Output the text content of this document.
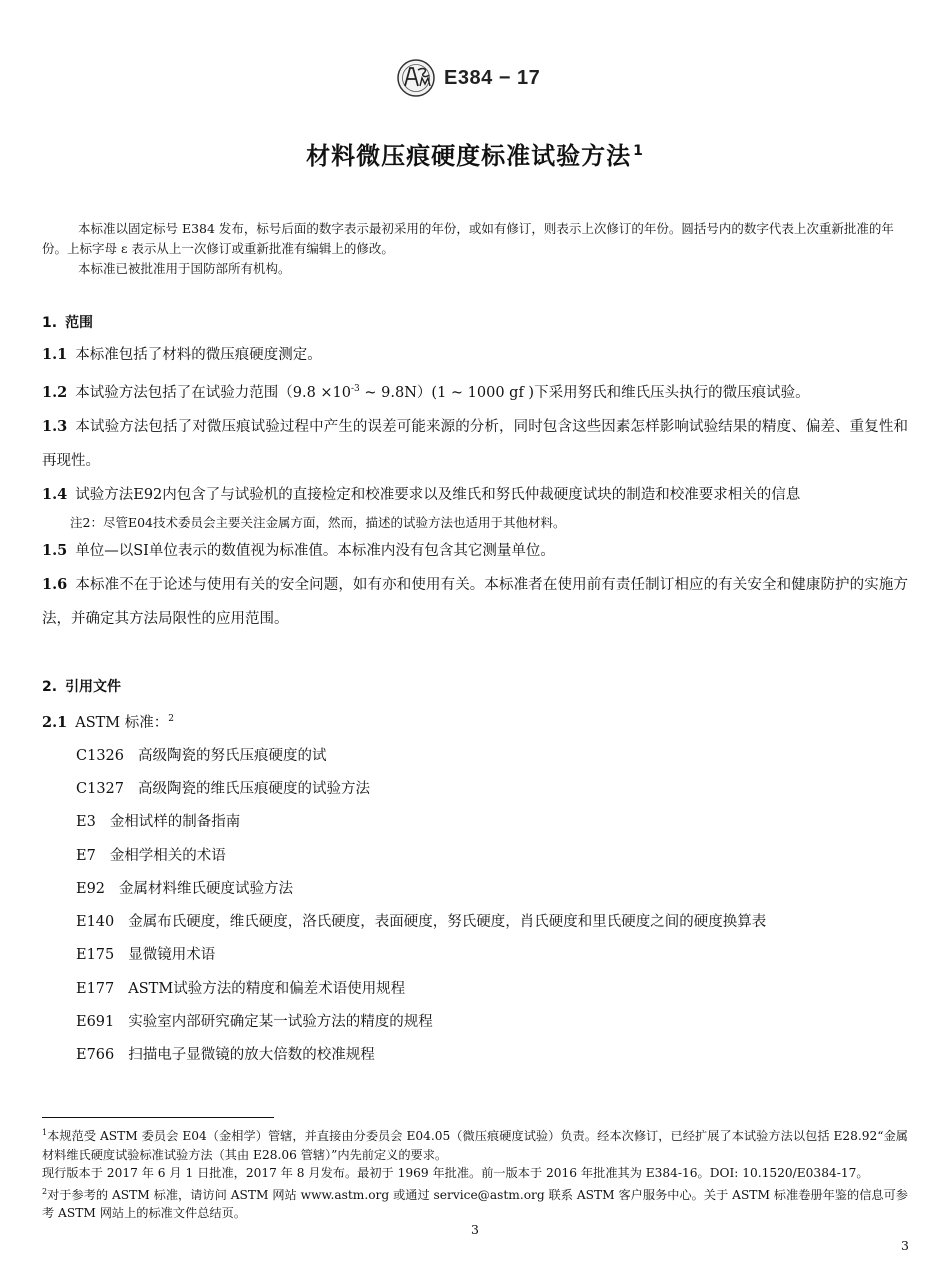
E384 − 17
材料微压痕硬度标准试验方法 $^1$

本标准以固定标号 E384 发布，标号后面的数字表示最初采用的年份，或如有修订，则表示上次修订的年份。圆括号内的数字代表上次重新批准的年份。上标字母 ε 表示从上一次修订或重新批准有编辑上的修改。

本标准已被批准用于国防部所有机构。

1. 范围

1.1 本标准包括了材料的微压痕硬度测定。

1.2 本试验方法包括了在试验力范围（$9.8 \times 10^{-3}$ ~ 9.8N）(1 ~ 1000 gf )下采用努氏和维氏压头执行的微压痕试验。

1.3 本试验方法包括了对微压痕试验过程中产生的误差可能来源的分析，同时包含这些因素怎样影响试验结果的精度、偏差、重复性和再现性。

1.4 试验方法E92内包含了与试验机的直接检定和校准要求以及维氏和努氏仲裁硬度试块的制造和校准要求相关的信息

注2：尽管E04技术委员会主要关注金属方面，然而，描述的试验方法也适用于其他材料。

1.5 单位—以SI单位表示的数值视为标准值。本标准内没有包含其它测量单位。

1.6 本标准不在于论述与使用有关的安全问题，如有亦和使用有关。本标准者在使用前有责任制订相应的有关安全和健康防护的实施方法，并确定其方法局限性的应用范围。

2. 引用文件

2.1 ASTM 标准：$^2$

C1326 高级陶瓷的努氏压痕硬度的试
C1327 高级陶瓷的维氏压痕硬度的试验方法
E3 金相试样的制备指南
E7 金相学相关的术语
E92 金属材料维氏硬度试验方法
E140 金属布氏硬度，维氏硬度，洛氏硬度，表面硬度，努氏硬度，肖氏硬度和里氏硬度之间的硬度换算表
E175 显微镜用术语
E177 ASTM试验方法的精度和偏差术语使用规程
E691 实验室内部研究确定某一试验方法的精度的规程
E766 扫描电子显微镜的放大倍数的校准规程

$^1$本规范受 ASTM 委员会 E04（金相学）管辖，并直接由分委员会 E04.05（微压痕硬度试验）负责。经本次修订，已经扩展了本试验方法以包括 E28.92“金属材料维氏硬度试验标准试验方法（其由 E28.06 管辖）”内先前定义的要求。

现行版本于 2017 年 6 月 1 日批准，2017 年 8 月发布。最初于 1969 年批准。前一版本于 2016 年批准其为 E384-16。DOI: 10.1520/E0384-17。

$^2$对于参考的 ASTM 标准，请访问 ASTM 网站 www.astm.org 或通过 service@astm.org 联系 ASTM 客户服务中心。关于 ASTM 标准卷册年鉴的信息可参考 ASTM 网站上的标准文件总结页。

3
3
